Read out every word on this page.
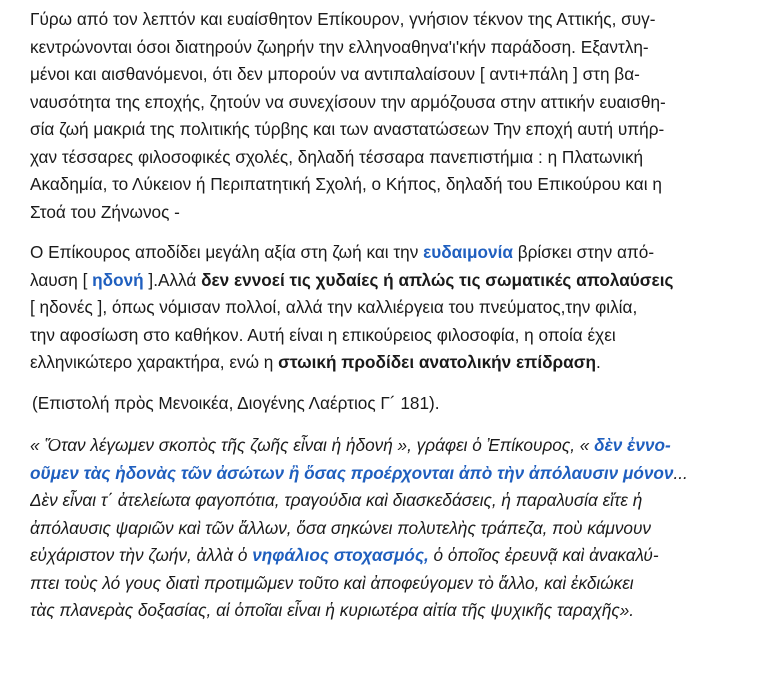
Γύρω από τον λεπτόν και ευαίσθητον Επίκουρον, γνήσιον τέκνον της Αττικής, συγ-
κεντρώνονται όσοι διατηρούν ζωηρήν την ελληνοαθηνα'ι'κήν παράδοση. Εξαντλη-
μένοι και αισθανόμενοι, ότι δεν μπορούν να αντιπαλαίσουν [ αντι+πάλη ] στη βα-
ναυσότητα της εποχής, ζητούν να συνεχίσουν την αρμόζουσα στην αττικήν ευαισθη-
σία ζωή μακριά της πολιτικής τύρβης και των αναστατώσεων Την εποχή αυτή υπήρ-
χαν τέσσαρες φιλοσοφικές σχολές, δηλαδή τέσσαρα πανεπιστήμια : η Πλατωνική
Ακαδημία, το Λύκειον ή Περιπατητική Σχολή, ο Κήπος, δηλαδή του Επικούρου και η
Στοά του Ζήνωνος -
Ο Επίκουρος αποδίδει μεγάλη αξία στη ζωή και την ευδαιμονία βρίσκει στην από-
λαυση [ ηδονή ].Αλλά δεν εννοεί τις χυδαίες ή απλώς τις σωματικές απολαύσεις
[ ηδονές ], όπως νόμισαν πολλοί, αλλά την καλλιέργεια του πνεύματος,την φιλία,
την αφοσίωση στο καθήκον. Αυτή είναι η επικούρειος φιλοσοφία, η οποία έχει
ελληνικώτερο χαρακτήρα, ενώ η στωική προδίδει ανατολικήν επίδραση.
(Επιστολή πρὸς Μενοικέα, Διογένης Λαέρτιος Γ´ 181).
« Ὅταν λέγωμεν σκοπὸς τῆς ζωῆς εἶναι ἡ ἡδονή », γράφει ὁ Ἐπίκουρος, « δὲν ἐννο-
οῦμεν τὰς ἡδονὰς τῶν ἀσώτων ἢ ὅσας προέρχονται ἀπὸ τὴν ἀπόλαυσιν μόνον...
Δὲν εἶναι τ΄ ἀτελείωτα φαγοπότια, τραγούδια καὶ διασκεδάσεις, ἡ παραλυσία εἴτε ἡ
ἀπόλαυσις ψαριῶν καὶ τῶν ἄλλων, ὅσα σηκώνει πολυτελὴς τράπεζα, ποὺ κάμνουν
εὐχάριστον τὴν ζωήν, ἀλλὰ ὁ νηφάλιος στοχασμός, ὁ ὁποῖος ἐρευνᾷ καὶ ἀνακαλύ-
πτει τοὺς λό γους διατὶ προτιμῶμεν τοῦτο καὶ ἀποφεύγομεν τὸ ἄλλο, καὶ ἐκδιώκει
τὰς πλανερὰς δοξασίας, αἱ ὁποῖαι εἶναι ἡ κυριωτέρα αἰτία τῆς ψυχικῆς ταραχῆς».
